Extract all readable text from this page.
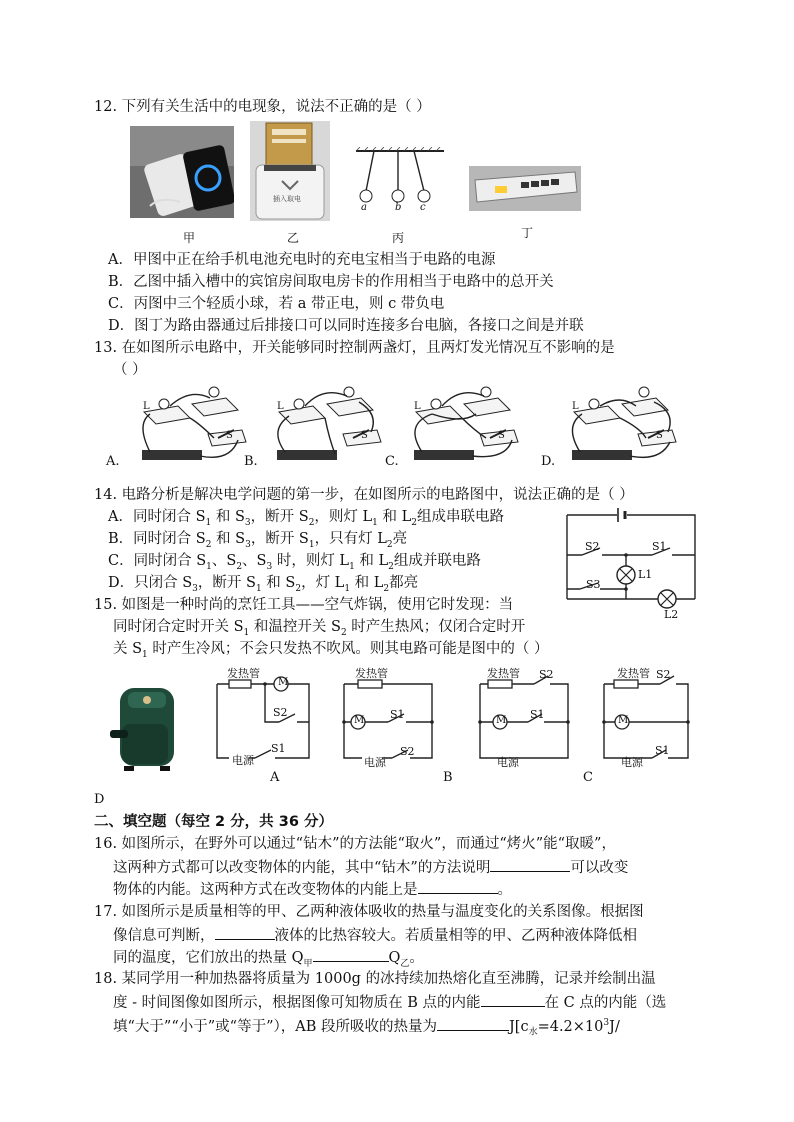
12. 下列有关生活中的电现象，说法不正确的是（ ）
甲
插入取电
乙
a	b c
丙	丁
A．甲图中正在给手机电池充电时的充电宝相当于电路的电源
B．乙图中插入槽中的宾馆房间取电房卡的作用相当于电路中的总开关
C．丙图中三个轻质小球，若 a 带正电，则 c 带负电
D．图丁为路由器通过后排接口可以同时连接多台电脑，各接口之间是并联
13. 在如图所示电路中，开关能够同时控制两盏灯，且两灯发光情况互不影响的是
（ ）
A.
L
S
B.
L
S
C.
L
S
D.
L
S
14. 电路分析是解决电学问题的第一步，在如图所示的电路图中，说法正确的是（ ）
A．同时闭合 $S_1$ 和 $S_3$，断开 $S_2$，则灯 $L_1$ 和 $L_2$组成串联电路
B．同时闭合 $S_2$ 和 $S_3$，断开 $S_1$，只有灯 $L_2$亮
C．同时闭合 $S_1$、$S_2$、$S_3$ 时，则灯 $L_1$ 和 $L_2$组成并联电路
D．只闭合 $S_3$，断开 $S_1$ 和 $S_2$，灯 $L_1$ 和 $L_2$都亮
S2	S1
L1
S3
L2
15. 如图是一种时尚的烹饪工具——空气炸锅，使用它时发现：当
同时闭合定时开关 $S_1$ 和温控开关 $S_2$ 时产生热风；仅闭合定时开
关 $S_1$ 时产生冷风；不会只发热不吹风。则其电路可能是图中的（ ）
发热管
M
S2
S1
电源
A
发热管
M S1
S2
电源
B
发热管 S2
M S1
电源
C
发热管 S2
M
S1
电源
D
二、填空题（每空 2 分，共 36 分）
16. 如图所示，在野外可以通过“钻木”的方法能“取火”，而通过“烤火”能“取暖”，
这两种方式都可以改变物体的内能，其中“钻木”的方法说明	可以改变
物体的内能。这两种方式在改变物体的内能上是	。
17. 如图所示是质量相等的甲、乙两种液体吸收的热量与温度变化的关系图像。根据图
像信息可判断，	液体的比热容较大。若质量相等的甲、乙两种液体降低相
同的温度，它们放出的热量 $Q_甲$	$Q_乙$。
18. 某同学用一种加热器将质量为 1000g 的冰持续加热熔化直至沸腾，记录并绘制出温
度 - 时间图像如图所示，根据图像可知物质在 B 点的内能	在 C 点的内能（选
填“大于”“小于”或“等于”），AB 段所吸收的热量为	$J[c_水=4.2\times 10^3J/$
